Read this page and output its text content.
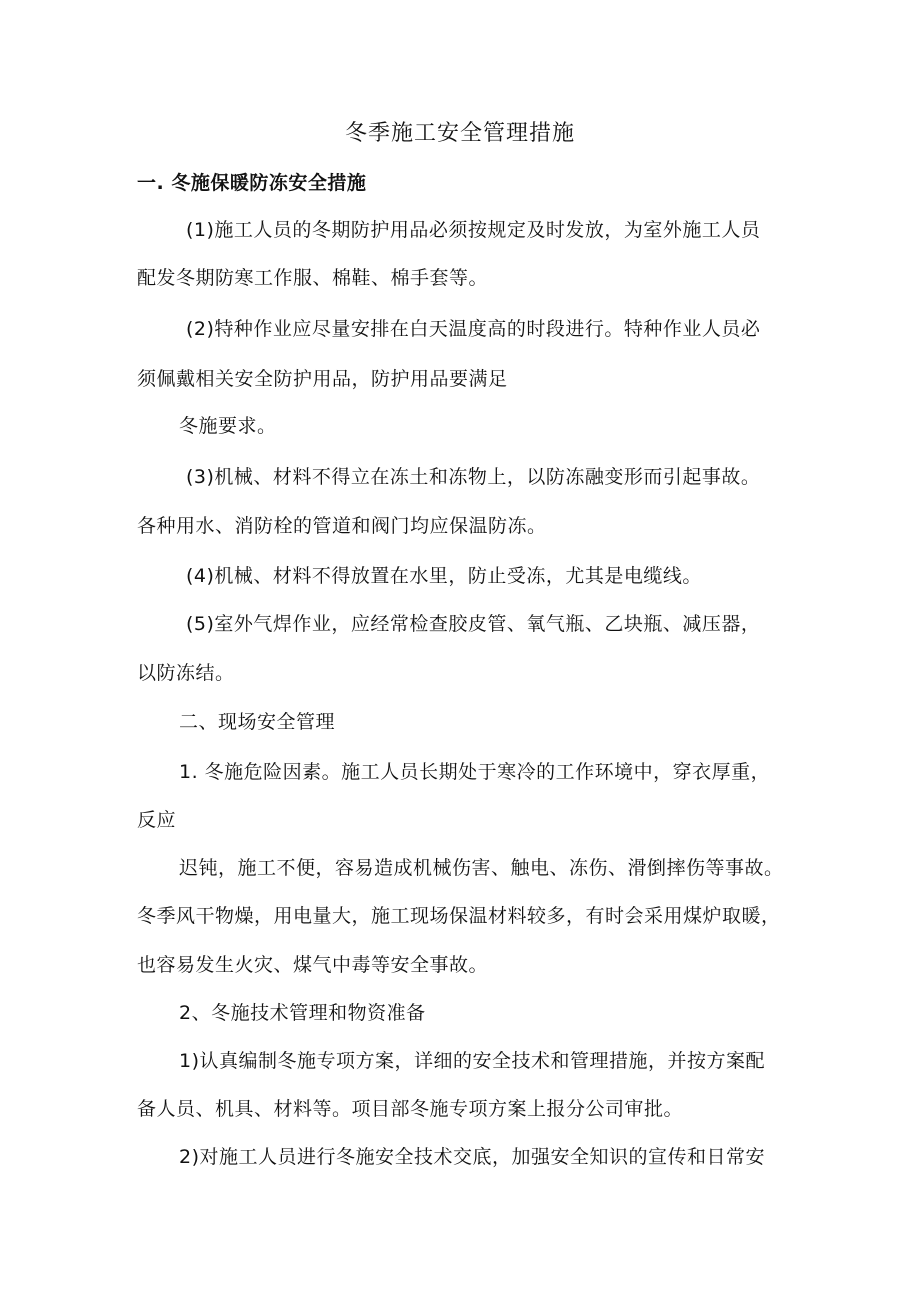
冬季施工安全管理措施
一. 冬施保暖防冻安全措施
(1)施工人员的冬期防护用品必须按规定及时发放，为室外施工人员
配发冬期防寒工作服、棉鞋、棉手套等。
(2)特种作业应尽量安排在白天温度高的时段进行。特种作业人员必
须佩戴相关安全防护用品，防护用品要满足
冬施要求。
(3)机械、材料不得立在冻土和冻物上，以防冻融变形而引起事故。
各种用水、消防栓的管道和阀门均应保温防冻。
(4)机械、材料不得放置在水里，防止受冻，尤其是电缆线。
(5)室外气焊作业，应经常检查胶皮管、氧气瓶、乙块瓶、减压器，
以防冻结。
二、现场安全管理
1. 冬施危险因素。施工人员长期处于寒冷的工作环境中，穿衣厚重，
反应
迟钝，施工不便，容易造成机械伤害、触电、冻伤、滑倒摔伤等事故。
冬季风干物燥，用电量大，施工现场保温材料较多，有时会采用煤炉取暖，
也容易发生火灾、煤气中毒等安全事故。
2、冬施技术管理和物资准备
1)认真编制冬施专项方案，详细的安全技术和管理措施，并按方案配
备人员、机具、材料等。项目部冬施专项方案上报分公司审批。
2)对施工人员进行冬施安全技术交底，加强安全知识的宣传和日常安
